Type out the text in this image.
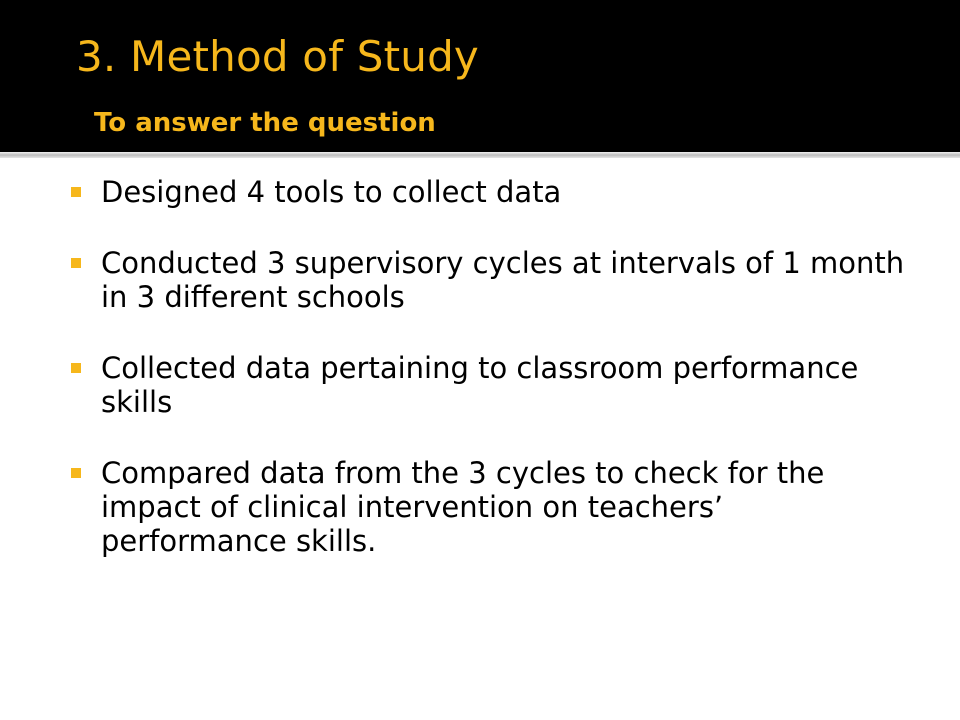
3. Method of Study
To answer the question
Designed 4 tools to collect data
Conducted 3 supervisory cycles at intervals of 1 month in 3 different schools
Collected data pertaining to classroom performance skills
Compared data from the 3 cycles to check for the impact of clinical intervention on teachers’ performance skills.
